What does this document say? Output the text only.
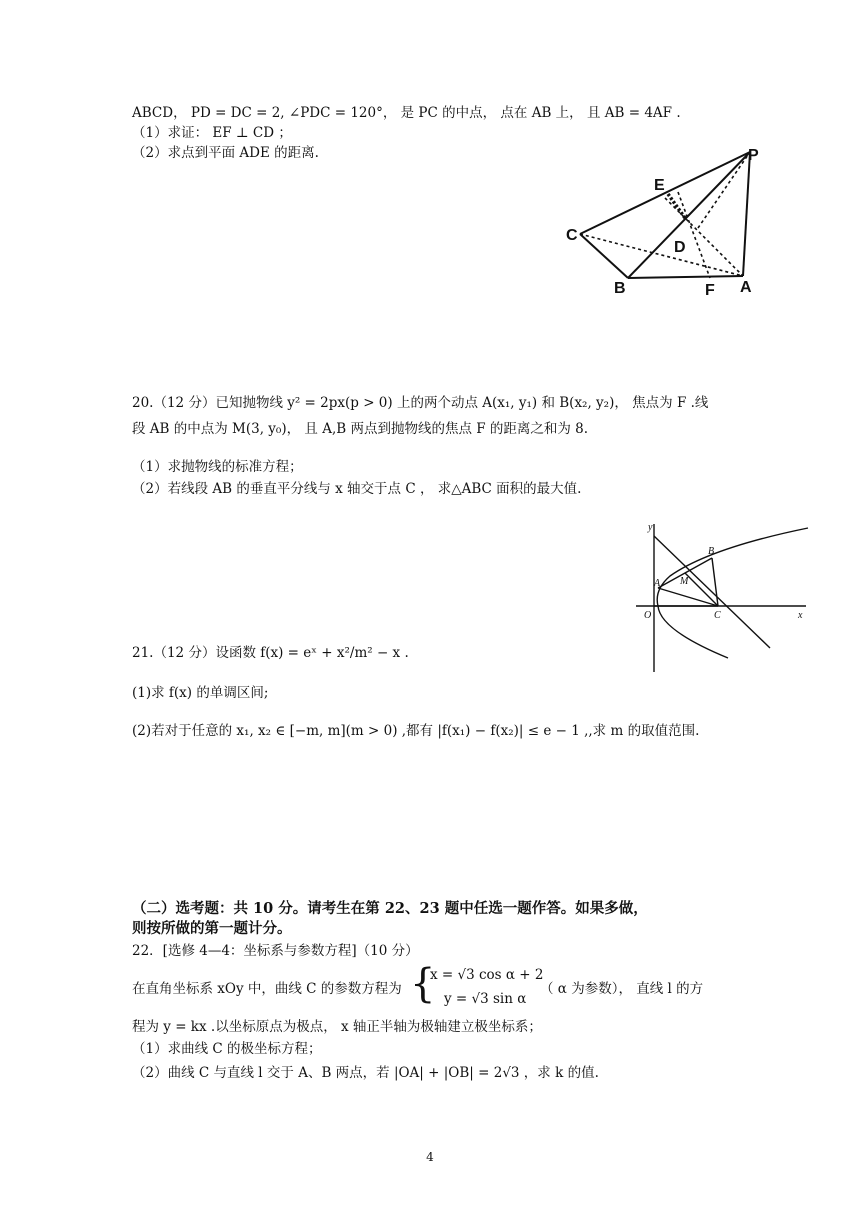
ABCD， PD = DC = 2, ∠PDC = 120°， 是 PC 的中点， 点在 AB 上， 且 AB = 4AF .
（1）求证： EF ⊥ CD ；
（2）求点到平面 ADE 的距离.	P
E
C
D
B	F A
20.（12 分）已知抛物线 y² = 2px(p > 0) 上的两个动点 A(x₁, y₁) 和 B(x₂, y₂)， 焦点为 F .线
段 AB 的中点为 M(3, y₀)， 且 A,B 两点到抛物线的焦点 F 的距离之和为 8.
（1）求抛物线的标准方程；
（2）若线段 AB 的垂直平分线与 x 轴交于点 C ， 求△ABC 面积的最大值.
y
B
A M
O	C	x
21.（12 分）设函数 f(x) = eˣ + x²/m² − x .
(1)求 f(x) 的单调区间;
(2)若对于任意的 x₁, x₂ ∈ [−m, m](m > 0) ,都有 |f(x₁) − f(x₂)| ≤ e − 1 ,,求 m 的取值范围.
（二）选考题：共 10 分。请考生在第 22、23 题中任选一题作答。如果多做，
则按所做的第一题计分。
22．[选修 4—4：坐标系与参数方程]（10 分）
在直角坐标系 xOy 中，曲线 C 的参数方程为 {
x = √3 cos α + 2
y = √3 sin α
（ α 为参数）， 直线 l 的方
程为 y = kx .以坐标原点为极点， x 轴正半轴为极轴建立极坐标系；
（1）求曲线 C 的极坐标方程；
（2）曲线 C 与直线 l 交于 A、B 两点，若 |OA| + |OB| = 2√3 ，求 k 的值.
4
